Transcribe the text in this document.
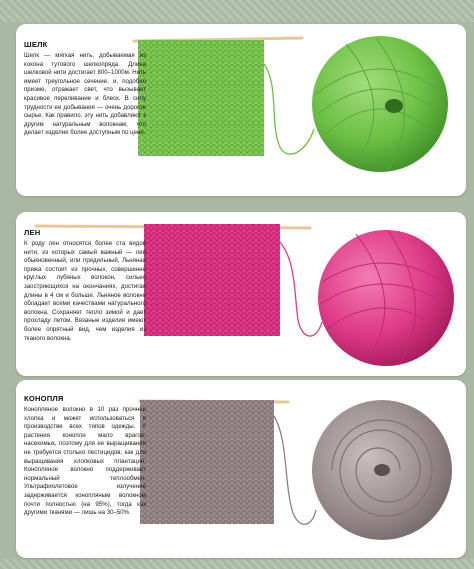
ШЕЛК

Шелк — мягкая нить, добываемая из кокона тутового шелкопряда. Длина шелковой нити достигает 800–1000м. Нить имеет треугольное сечение, и, подобно призме, отражает свет, что вызывает красивое переливание и блеск. В силу трудности ее добывания — очень дорогое сырье. Как правило, эту нить добавляют к другим натуральным волокнам, что делает изделие более доступным по цене.

ЛЕН

К роду лен относятся более ста видов нити, из которых самый важный — лен обыкновенный, или прядильный. Льняная пряжа состоит из прочных, совершенно круглых лубяных волокон, сильно заостряющихся на окончаниях, достигая длины в 4 см и больше. Льняное волокно обладает всеми качествами натурального волокна. Сохраняет тепло зимой и дает прохладу летом. Вязаные изделия имеют более опрятный вид, чем изделия из тканого волокна.

КОНОПЛЯ

Конопляное волокно в 10 раз прочнее хлопка и может использоваться в производстве всех типов одежды. У растения конопли мало врагов-насекомых, поэтому для ее выращивания не требуется столько пестицидов, как для выращивания хлопковых плантаций. Конопляное волокно поддерживает нормальный теплообмен. Ультрафиолетовое излучение задерживается конопляным волокном почти полностью (на 95%), тогда как другими тканями — лишь на 30–50%.
